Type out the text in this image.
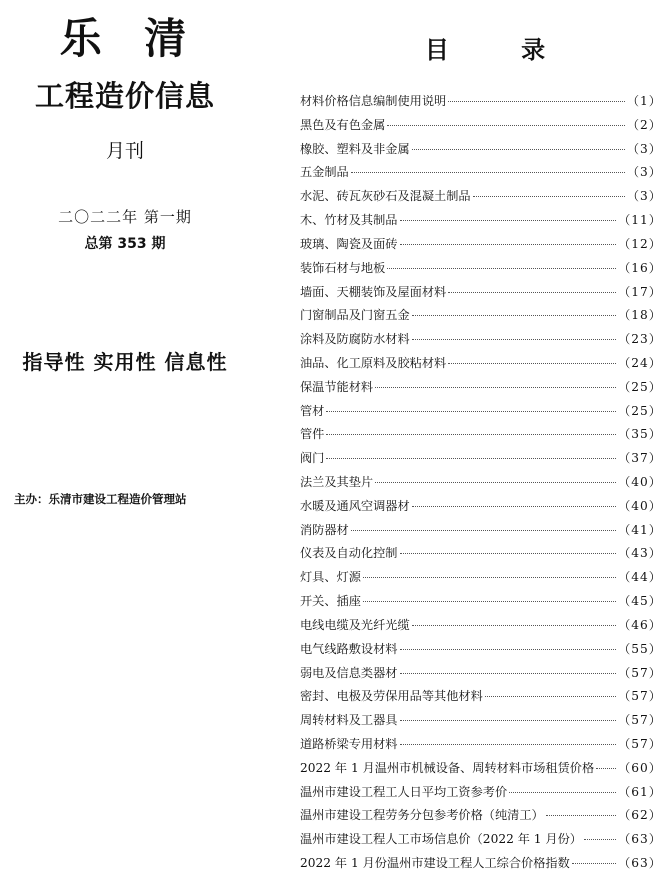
乐 清
工程造价信息
月刊
二〇二二年 第一期
总第 353 期
指导性 实用性 信息性
主办：乐清市建设工程造价管理站
目 录
材料价格信息编制使用说明	（1）
黑色及有色金属	（2）
橡胶、塑料及非金属	（3）
五金制品	（3）
水泥、砖瓦灰砂石及混凝土制品	（3）
木、竹材及其制品	（11）
玻璃、陶瓷及面砖	（12）
装饰石材与地板	（16）
墙面、天棚装饰及屋面材料	（17）
门窗制品及门窗五金	（18）
涂料及防腐防水材料	（23）
油品、化工原料及胶粘材料	（24）
保温节能材料	（25）
管材	（25）
管件	（35）
阀门	（37）
法兰及其垫片	（40）
水暖及通风空调器材	（40）
消防器材	（41）
仪表及自动化控制	（43）
灯具、灯源	（44）
开关、插座	（45）
电线电缆及光纤光缆	（46）
电气线路敷设材料	（55）
弱电及信息类器材	（57）
密封、电极及劳保用品等其他材料	（57）
周转材料及工器具	（57）
道路桥梁专用材料	（57）
2022 年 1 月温州市机械设备、周转材料市场租赁价格 （60）
温州市建设工程工人日平均工资参考价	（61）
温州市建设工程劳务分包参考价格（纯清工）	（62）
温州市建设工程人工市场信息价（2022 年 1 月份）	（63）
2022 年 1 月份温州市建设工程人工综合价格指数	（63）
